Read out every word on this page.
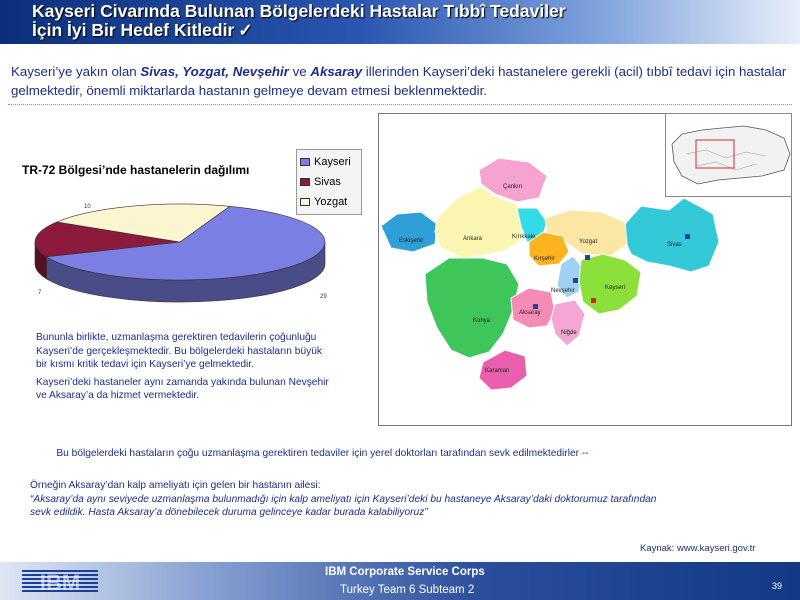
Kayseri Civarında Bulunan Bölgelerdeki Hastalar Tıbbî Tedaviler
İçin İyi Bir Hedef Kitledir ✓
Kayseri’ye yakın olan Sivas, Yozgat, Nevşehir ve Aksaray illerinden Kayseri’deki hastanelere gerekli (acil) tıbbî tedavi için hastalar gelmektedir, önemli miktarlarda hastanın gelmeye devam etmesi beklenmektedir.
TR-72 Bölgesi’nde hastanelerin dağılımı
Kayseri
Sivas
Yozgat
29
7
10

Bununla birlikte, uzmanlaşma gerektiren tedavilerin çoğunluğu Kayseri’de gerçekleşmektedir. Bu bölgelerdeki hastaların büyük bir kısmı kritik tedavi için Kayseri’ye gelmektedir.

Kayseri’deki hastaneler aynı zamanda yakında bulunan Nevşehir ve Aksaray’a da hizmet vermektedir.

Çankırı
Eskişehir	Ankara	Kırıkkale
Yozgat	Sivas
Kırşehir
Nevşehir	Kayseri
Konya
Aksaray
Niğde
Karaman
Bu bölgelerdeki hastaların çoğu uzmanlaşma gerektiren tedaviler için yerel doktorları tarafından sevk edilmektedirler --
Örneğin Aksaray’dan kalp ameliyatı için gelen bir hastanın ailesi:
“Aksaray’da aynı seviyede uzmanlaşma bulunmadığı için kalp ameliyatı için Kayseri’deki bu hastaneye Aksaray’daki doktorumuz tarafından sevk edildik. Hasta Aksaray’a dönebilecek duruma gelinceye kadar burada kalabiliyoruz”
Kaynak: www.kayseri.gov.tr
IBM Corporate Service Corps
Turkey Team 6 Subteam 2	39
IBM
